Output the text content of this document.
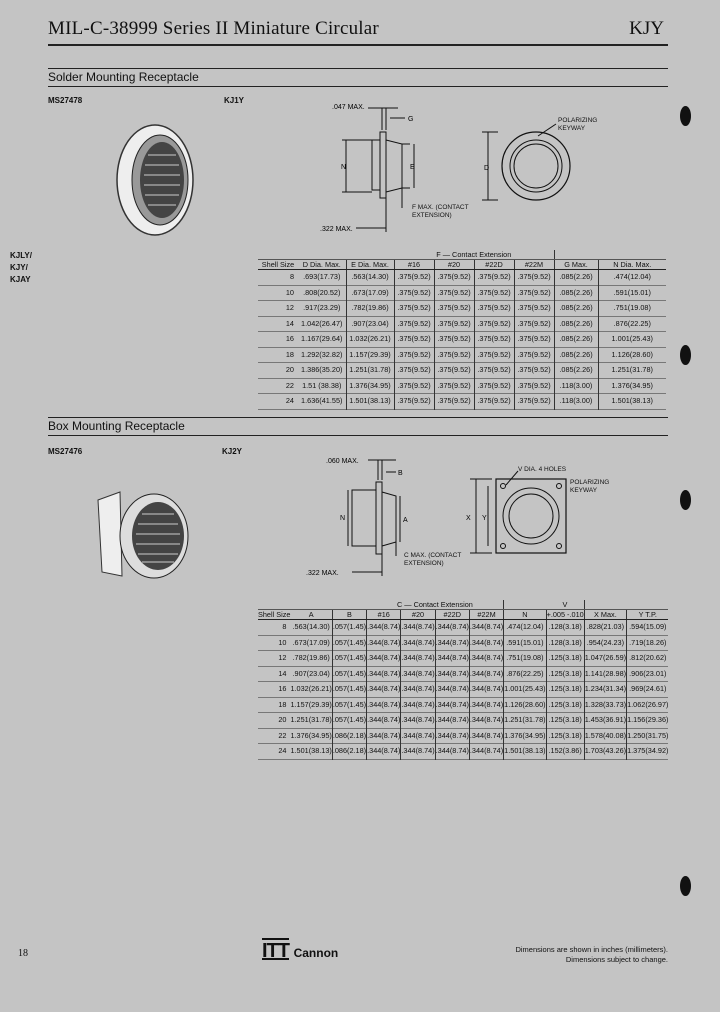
MIL-C-38999 Series II Miniature Circular	KJY
Solder Mounting Receptacle
MS27478	KJ1Y
KJLY/
KJY/
KJAY
.047 MAX.
G
N	E
.322 MAX.
F MAX. (CONTACT EXTENSION)
D
POLARIZING KEYWAY
			F — Contact Extension					
Shell Size	D Dia. Max.	E Dia. Max.	#16	#20	#22D	#22M	G Max.	N Dia. Max.
8	.693(17.73)	.563(14.30)	.375(9.52)	.375(9.52)	.375(9.52)	.375(9.52)	.085(2.26)	.474(12.04)
10	.808(20.52)	.673(17.09)	.375(9.52)	.375(9.52)	.375(9.52)	.375(9.52)	.085(2.26)	.591(15.01)
12	.917(23.29)	.782(19.86)	.375(9.52)	.375(9.52)	.375(9.52)	.375(9.52)	.085(2.26)	.751(19.08)
14	1.042(26.47)	.907(23.04)	.375(9.52)	.375(9.52)	.375(9.52)	.375(9.52)	.085(2.26)	.876(22.25)
16	1.167(29.64)	1.032(26.21)	.375(9.52)	.375(9.52)	.375(9.52)	.375(9.52)	.085(2.26)	1.001(25.43)
18	1.292(32.82)	1.157(29.39)	.375(9.52)	.375(9.52)	.375(9.52)	.375(9.52)	.085(2.26)	1.126(28.60)
20	1.386(35.20)	1.251(31.78)	.375(9.52)	.375(9.52)	.375(9.52)	.375(9.52)	.085(2.26)	1.251(31.78)
22	1.51 (38.38)	1.376(34.95)	.375(9.52)	.375(9.52)	.375(9.52)	.375(9.52)	.118(3.00)	1.376(34.95)
24	1.636(41.55)	1.501(38.13)	.375(9.52)	.375(9.52)	.375(9.52)	.375(9.52)	.118(3.00)	1.501(38.13)
Box Mounting Receptacle
MS27476	KJ2Y
.060 MAX.
B
N	A
.322 MAX.
C MAX. (CONTACT EXTENSION)
X Y
V DIA. 4 HOLES
POLARIZING KEYWAY
			C — Contact Extension					V		
Shell Size	A	B	#16	#20	#22D	#22M	N	+.005 -.010	X Max.	Y T.P.
8	.563(14.30)	.057(1.45)	.344(8.74)	.344(8.74)	.344(8.74)	.344(8.74)	.474(12.04)	.128(3.18)	.828(21.03)	.594(15.09)
10	.673(17.09)	.057(1.45)	.344(8.74)	.344(8.74)	.344(8.74)	.344(8.74)	.591(15.01)	.128(3.18)	.954(24.23)	.719(18.26)
12	.782(19.86)	.057(1.45)	.344(8.74)	.344(8.74)	.344(8.74)	.344(8.74)	.751(19.08)	.125(3.18)	1.047(26.59)	.812(20.62)
14	.907(23.04)	.057(1.45)	.344(8.74)	.344(8.74)	.344(8.74)	.344(8.74)	.876(22.25)	.125(3.18)	1.141(28.98)	.906(23.01)
16	1.032(26.21)	.057(1.45)	.344(8.74)	.344(8.74)	.344(8.74)	.344(8.74)	1.001(25.43)	.125(3.18)	1.234(31.34)	.969(24.61)
18	1.157(29.39)	.057(1.45)	.344(8.74)	.344(8.74)	.344(8.74)	.344(8.74)	1.126(28.60)	.125(3.18)	1.328(33.73)	1.062(26.97)
20	1.251(31.78)	.057(1.45)	.344(8.74)	.344(8.74)	.344(8.74)	.344(8.74)	1.251(31.78)	.125(3.18)	1.453(36.91)	1.156(29.36)
22	1.376(34.95)	.086(2.18)	.344(8.74)	.344(8.74)	.344(8.74)	.344(8.74)	1.376(34.95)	.125(3.18)	1.578(40.08)	1.250(31.75)
24	1.501(38.13)	.086(2.18)	.344(8.74)	.344(8.74)	.344(8.74)	.344(8.74)	1.501(38.13)	.152(3.86)	1.703(43.26)	1.375(34.92)
18	ITT Cannon	Dimensions are shown in inches (millimeters).
Dimensions subject to change.
